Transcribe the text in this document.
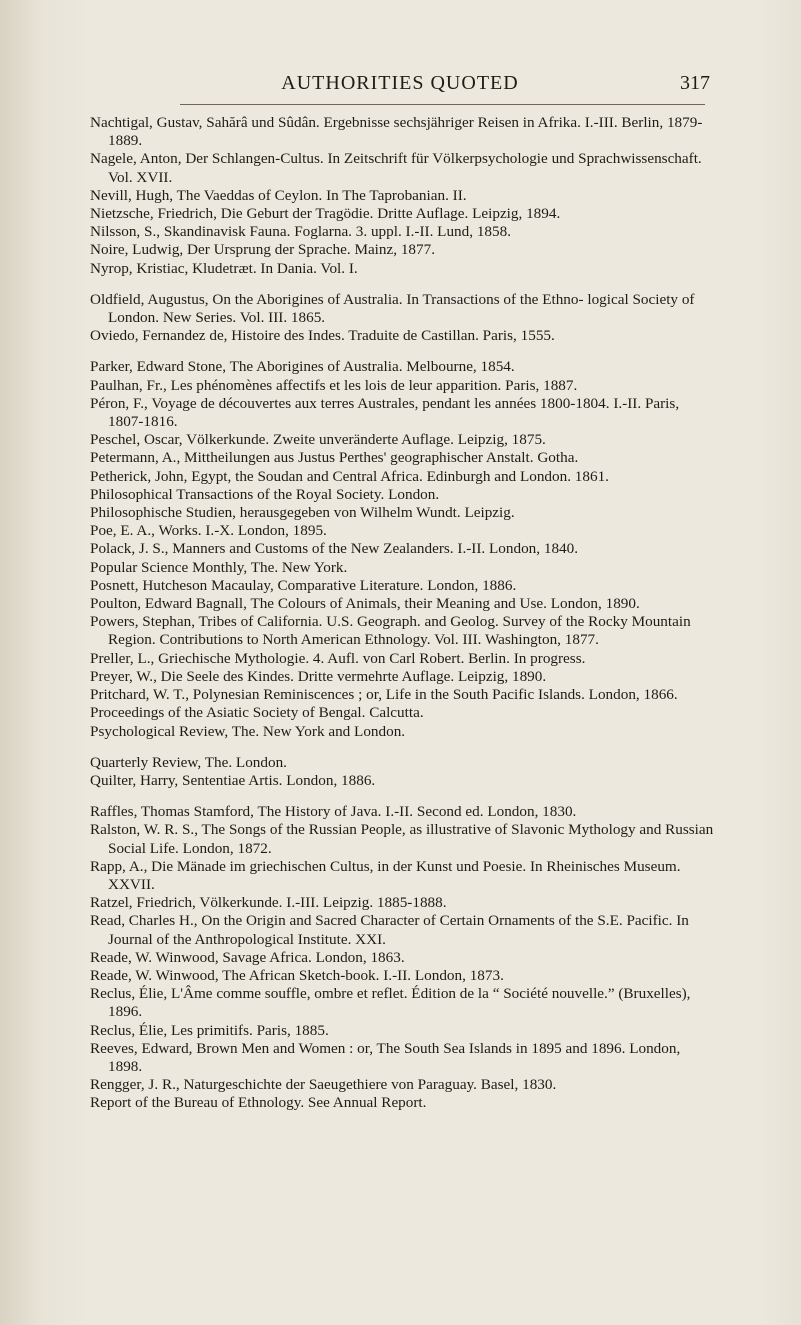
AUTHORITIES QUOTED	317
Nachtigal, Gustav, Sahărâ und Sûdân. Ergebnisse sechsjähriger Reisen in Afrika. I.-III. Berlin, 1879-1889.
Nagele, Anton, Der Schlangen-Cultus. In Zeitschrift für Völkerpsychologie und Sprachwissenschaft. Vol. XVII.
Nevill, Hugh, The Vaeddas of Ceylon. In The Taprobanian. II.
Nietzsche, Friedrich, Die Geburt der Tragödie. Dritte Auflage. Leipzig, 1894.
Nilsson, S., Skandinavisk Fauna. Foglarna. 3. uppl. I.-II. Lund, 1858.
Noire, Ludwig, Der Ursprung der Sprache. Mainz, 1877.
Nyrop, Kristiac, Kludetræt. In Dania. Vol. I.
Oldfield, Augustus, On the Aborigines of Australia. In Transactions of the Ethno- logical Society of London. New Series. Vol. III. 1865.
Oviedo, Fernandez de, Histoire des Indes. Traduite de Castillan. Paris, 1555.
Parker, Edward Stone, The Aborigines of Australia. Melbourne, 1854.
Paulhan, Fr., Les phénomènes affectifs et les lois de leur apparition. Paris, 1887.
Péron, F., Voyage de découvertes aux terres Australes, pendant les années 1800-1804. I.-II. Paris, 1807-1816.
Peschel, Oscar, Völkerkunde. Zweite unveränderte Auflage. Leipzig, 1875.
Petermann, A., Mittheilungen aus Justus Perthes' geographischer Anstalt. Gotha.
Petherick, John, Egypt, the Soudan and Central Africa. Edinburgh and London. 1861.
Philosophical Transactions of the Royal Society. London.
Philosophische Studien, herausgegeben von Wilhelm Wundt. Leipzig.
Poe, E. A., Works. I.-X. London, 1895.
Polack, J. S., Manners and Customs of the New Zealanders. I.-II. London, 1840.
Popular Science Monthly, The. New York.
Posnett, Hutcheson Macaulay, Comparative Literature. London, 1886.
Poulton, Edward Bagnall, The Colours of Animals, their Meaning and Use. London, 1890.
Powers, Stephan, Tribes of California. U.S. Geograph. and Geolog. Survey of the Rocky Mountain Region. Contributions to North American Ethnology. Vol. III. Washington, 1877.
Preller, L., Griechische Mythologie. 4. Aufl. von Carl Robert. Berlin. In progress.
Preyer, W., Die Seele des Kindes. Dritte vermehrte Auflage. Leipzig, 1890.
Pritchard, W. T., Polynesian Reminiscences ; or, Life in the South Pacific Islands. London, 1866.
Proceedings of the Asiatic Society of Bengal. Calcutta.
Psychological Review, The. New York and London.
Quarterly Review, The. London.
Quilter, Harry, Sententiae Artis. London, 1886.
Raffles, Thomas Stamford, The History of Java. I.-II. Second ed. London, 1830.
Ralston, W. R. S., The Songs of the Russian People, as illustrative of Slavonic Mythology and Russian Social Life. London, 1872.
Rapp, A., Die Mänade im griechischen Cultus, in der Kunst und Poesie. In Rheinisches Museum. XXVII.
Ratzel, Friedrich, Völkerkunde. I.-III. Leipzig. 1885-1888.
Read, Charles H., On the Origin and Sacred Character of Certain Ornaments of the S.E. Pacific. In Journal of the Anthropological Institute. XXI.
Reade, W. Winwood, Savage Africa. London, 1863.
Reade, W. Winwood, The African Sketch-book. I.-II. London, 1873.
Reclus, Élie, L'Âme comme souffle, ombre et reflet. Édition de la “ Société nouvelle.” (Bruxelles), 1896.
Reclus, Élie, Les primitifs. Paris, 1885.
Reeves, Edward, Brown Men and Women : or, The South Sea Islands in 1895 and 1896. London, 1898.
Rengger, J. R., Naturgeschichte der Saeugethiere von Paraguay. Basel, 1830.
Report of the Bureau of Ethnology. See Annual Report.
